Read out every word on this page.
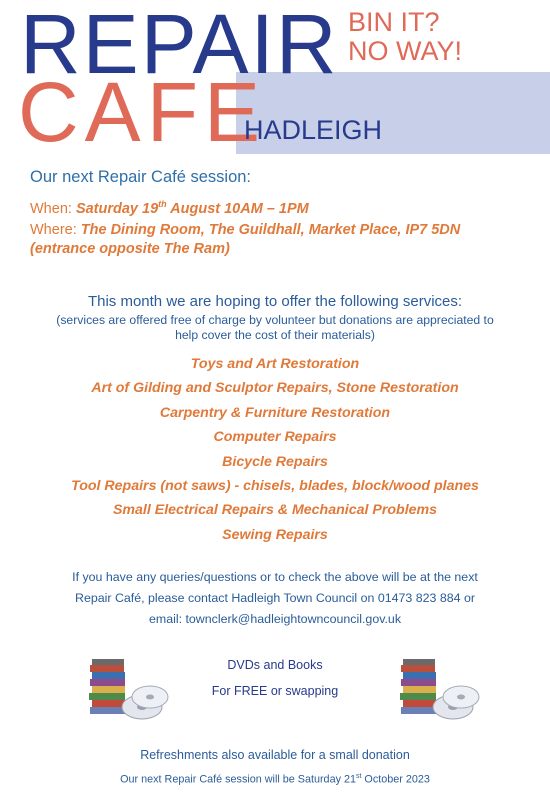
REPAIR
CAFE
BIN IT?
NO WAY!
HADLEIGH
Our next Repair Café session:
When: Saturday 19th August 10AM – 1PM
Where: The Dining Room, The Guildhall, Market Place, IP7 5DN
(entrance opposite The Ram)
This month we are hoping to offer the following services:
(services are offered free of charge by volunteer but donations are appreciated to
help cover the cost of their materials)
Toys and Art Restoration
Art of Gilding and Sculptor Repairs, Stone Restoration
Carpentry & Furniture Restoration
Computer Repairs
Bicycle Repairs
Tool Repairs (not saws) - chisels, blades, block/wood planes
Small Electrical Repairs & Mechanical Problems
Sewing Repairs
If you have any queries/questions or to check the above will be at the next
Repair Café, please contact Hadleigh Town Council on 01473 823 884 or
email: townclerk@hadleightowncouncil.gov.uk
DVDs and Books
For FREE or swapping
Refreshments also available for a small donation
Our next Repair Café session will be Saturday 21st October 2023
